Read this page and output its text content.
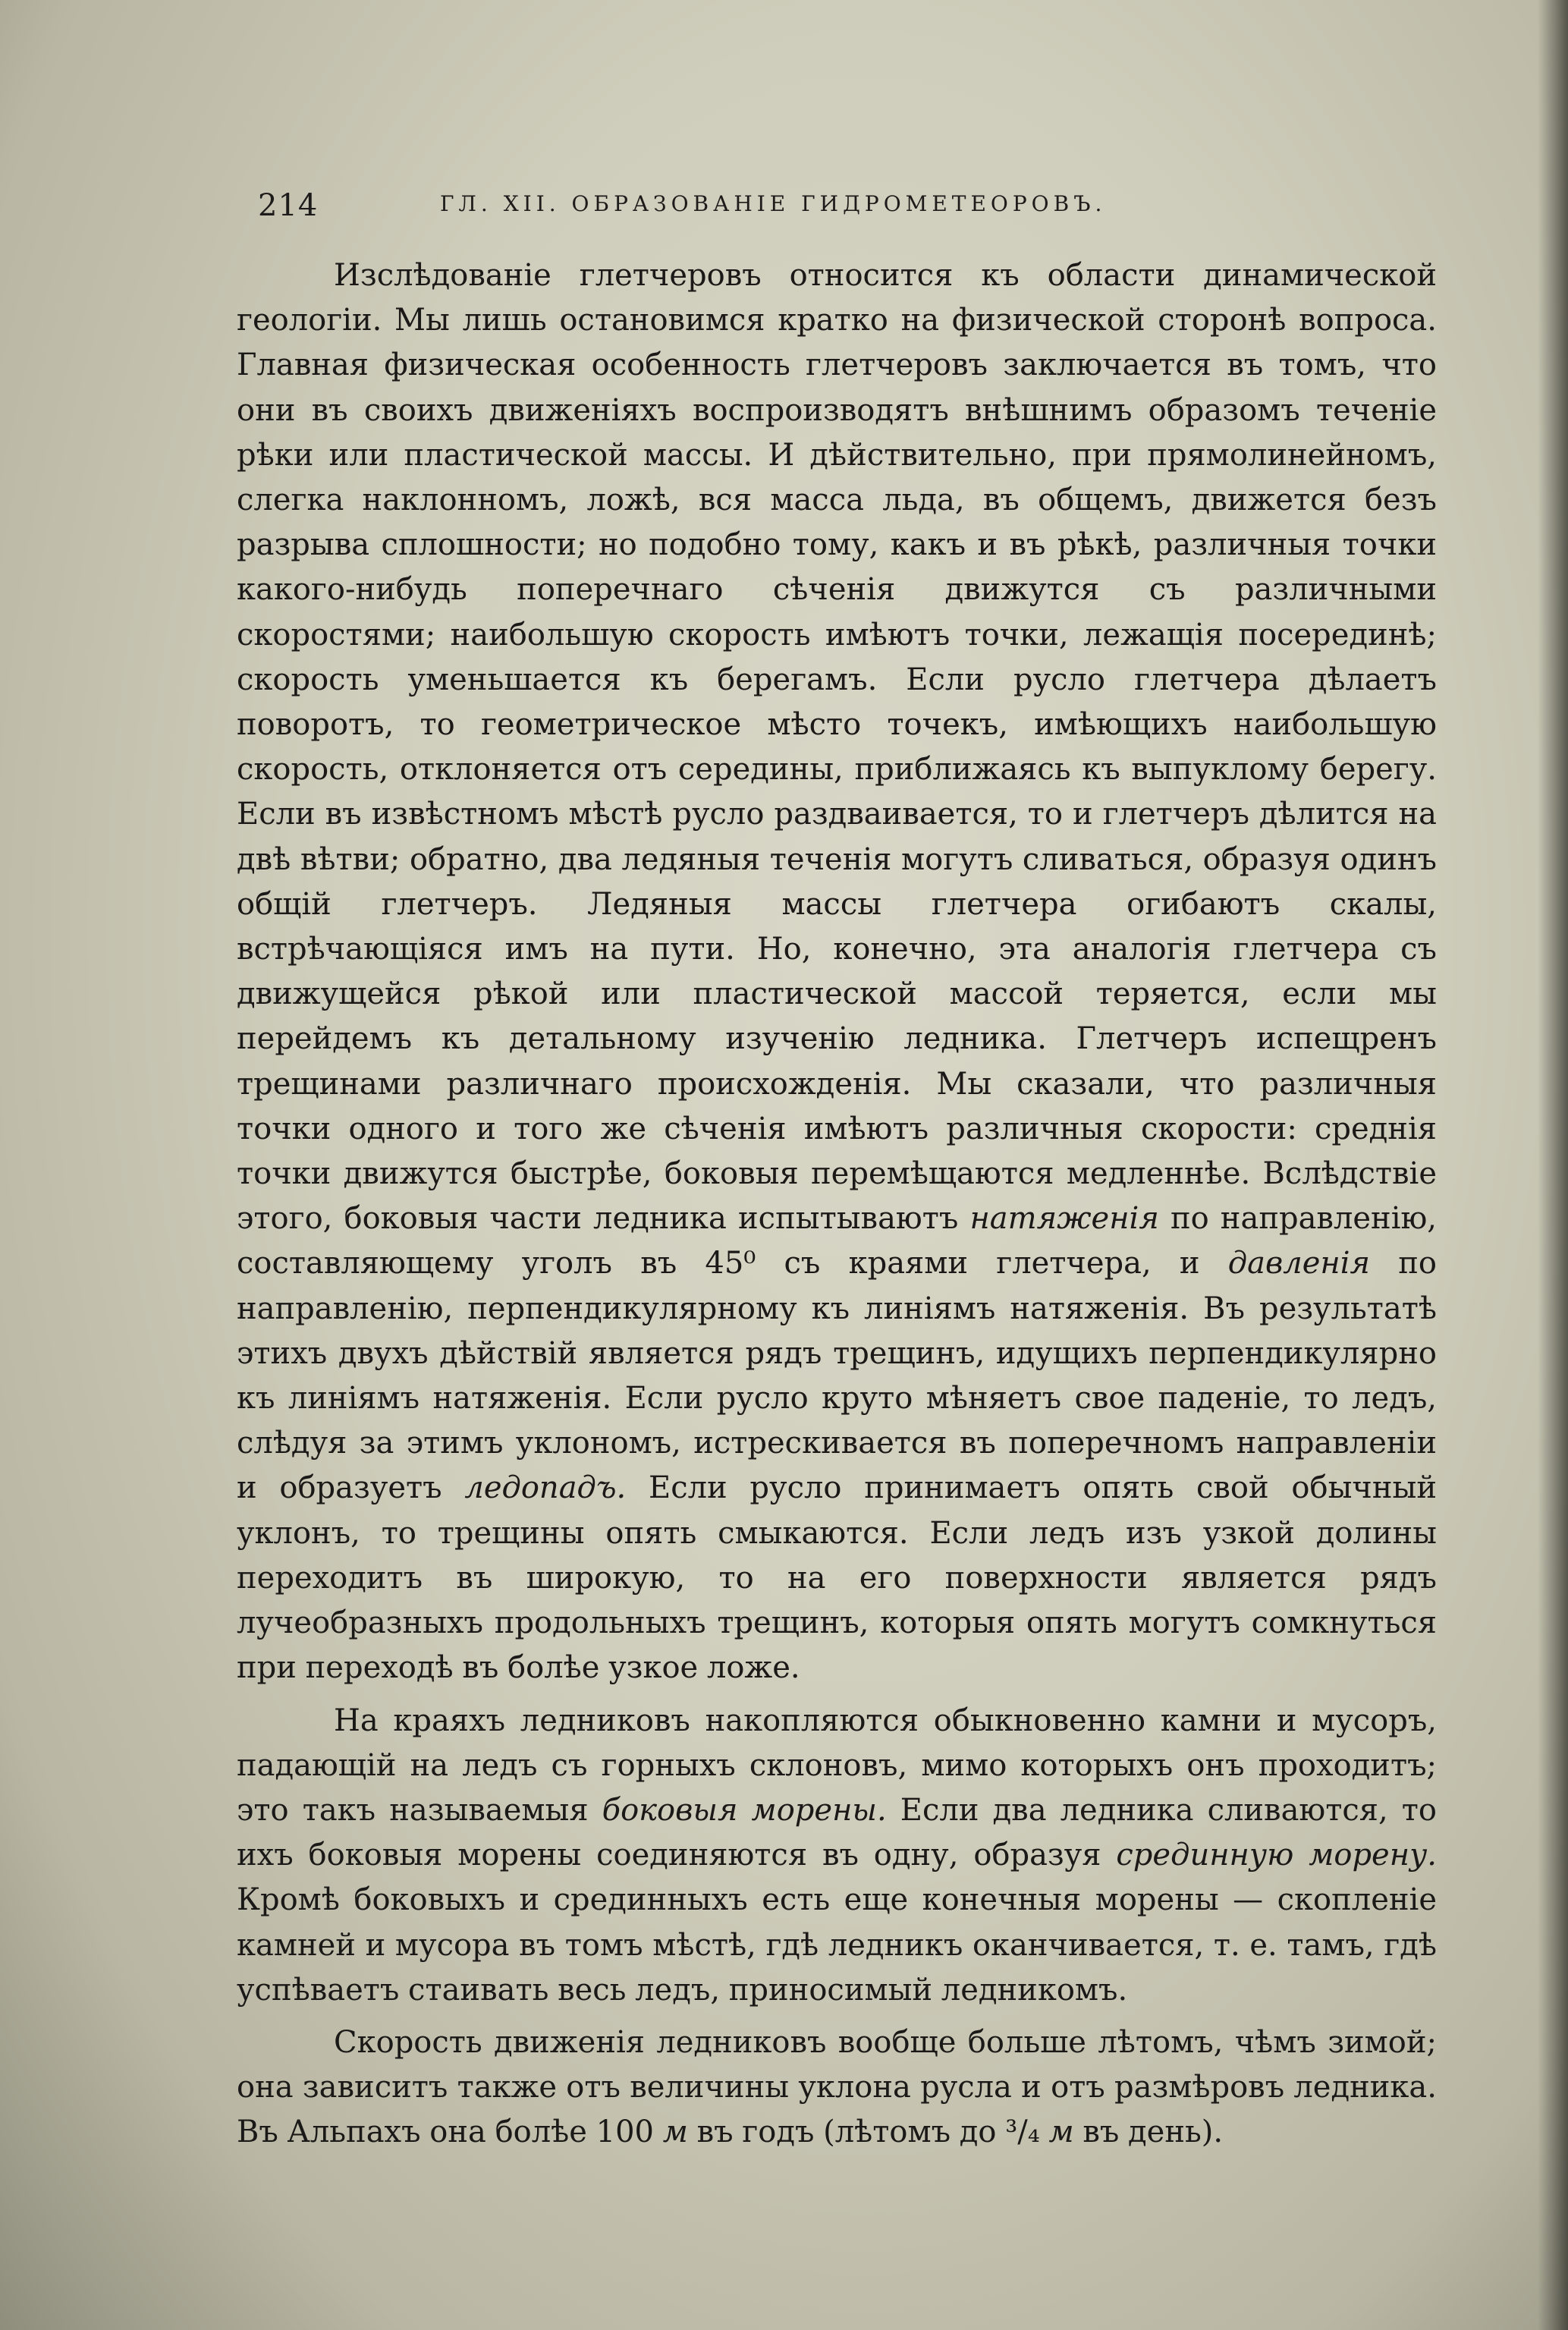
214	ГЛ. XII. ОБРАЗОВАНІЕ ГИДРОМЕТЕОРОВЪ.

Изслѣдованіе глетчеровъ относится къ области динамической геологіи. Мы лишь остановимся кратко на физической сторонѣ вопроса. Главная физическая особенность глетчеровъ заключается въ томъ, что они въ своихъ движеніяхъ воспроизводятъ внѣшнимъ образомъ теченіе рѣки или пластической массы. И дѣйствительно, при прямолинейномъ, слегка наклонномъ, ложѣ, вся масса льда, въ общемъ, движется безъ разрыва сплошности; но подобно тому, какъ и въ рѣкѣ, различныя точки какого-нибудь поперечнаго сѣченія движутся съ различными скоростями; наибольшую скорость имѣютъ точки, лежащія посерединѣ; скорость уменьшается къ берегамъ. Если русло глетчера дѣлаетъ поворотъ, то геометрическое мѣсто точекъ, имѣющихъ наибольшую скорость, отклоняется отъ середины, приближаясь къ выпуклому берегу. Если въ извѣстномъ мѣстѣ русло раздваивается, то и глетчеръ дѣлится на двѣ вѣтви; обратно, два ледяныя теченія могутъ сливаться, образуя одинъ общій глетчеръ. Ледяныя массы глетчера огибаютъ скалы, встрѣчающіяся имъ на пути. Но, конечно, эта аналогія глетчера съ движущейся рѣкой или пластической массой теряется, если мы перейдемъ къ детальному изученію ледника. Глетчеръ испещренъ трещинами различнаго происхожденія. Мы сказали, что различныя точки одного и того же сѣченія имѣютъ различныя скорости: среднія точки движутся быстрѣе, боковыя перемѣщаются медленнѣе. Вслѣдствіе этого, боковыя части ледника испытываютъ натяженія по направленію, составляющему уголъ въ 45⁰ съ краями глетчера, и давленія по направленію, перпендикулярному къ линіямъ натяженія. Въ результатѣ этихъ двухъ дѣйствій является рядъ трещинъ, идущихъ перпендикулярно къ линіямъ натяженія. Если русло круто мѣняетъ свое паденіе, то ледъ, слѣдуя за этимъ уклономъ, истрескивается въ поперечномъ направленіи и образуетъ ледопадъ. Если русло принимаетъ опять свой обычный уклонъ, то трещины опять смыкаются. Если ледъ изъ узкой долины переходитъ въ широкую, то на его поверхности является рядъ лучеобразныхъ продольныхъ трещинъ, которыя опять могутъ сомкнуться при переходѣ въ болѣе узкое ложе.

На краяхъ ледниковъ накопляются обыкновенно камни и мусоръ, падающій на ледъ съ горныхъ склоновъ, мимо которыхъ онъ проходитъ; это такъ называемыя боковыя морены. Если два ледника сливаются, то ихъ боковыя морены соединяются въ одну, образуя срединную морену. Кромѣ боковыхъ и срединныхъ есть еще конечныя морены — скопленіе камней и мусора въ томъ мѣстѣ, гдѣ ледникъ оканчивается, т. е. тамъ, гдѣ успѣваетъ стаивать весь ледъ, приносимый ледникомъ.

Скорость движенія ледниковъ вообще больше лѣтомъ, чѣмъ зимой; она зависитъ также отъ величины уклона русла и отъ размѣровъ ледника. Въ Альпахъ она болѣе 100 м въ годъ (лѣтомъ до ³/₄ м въ день).
